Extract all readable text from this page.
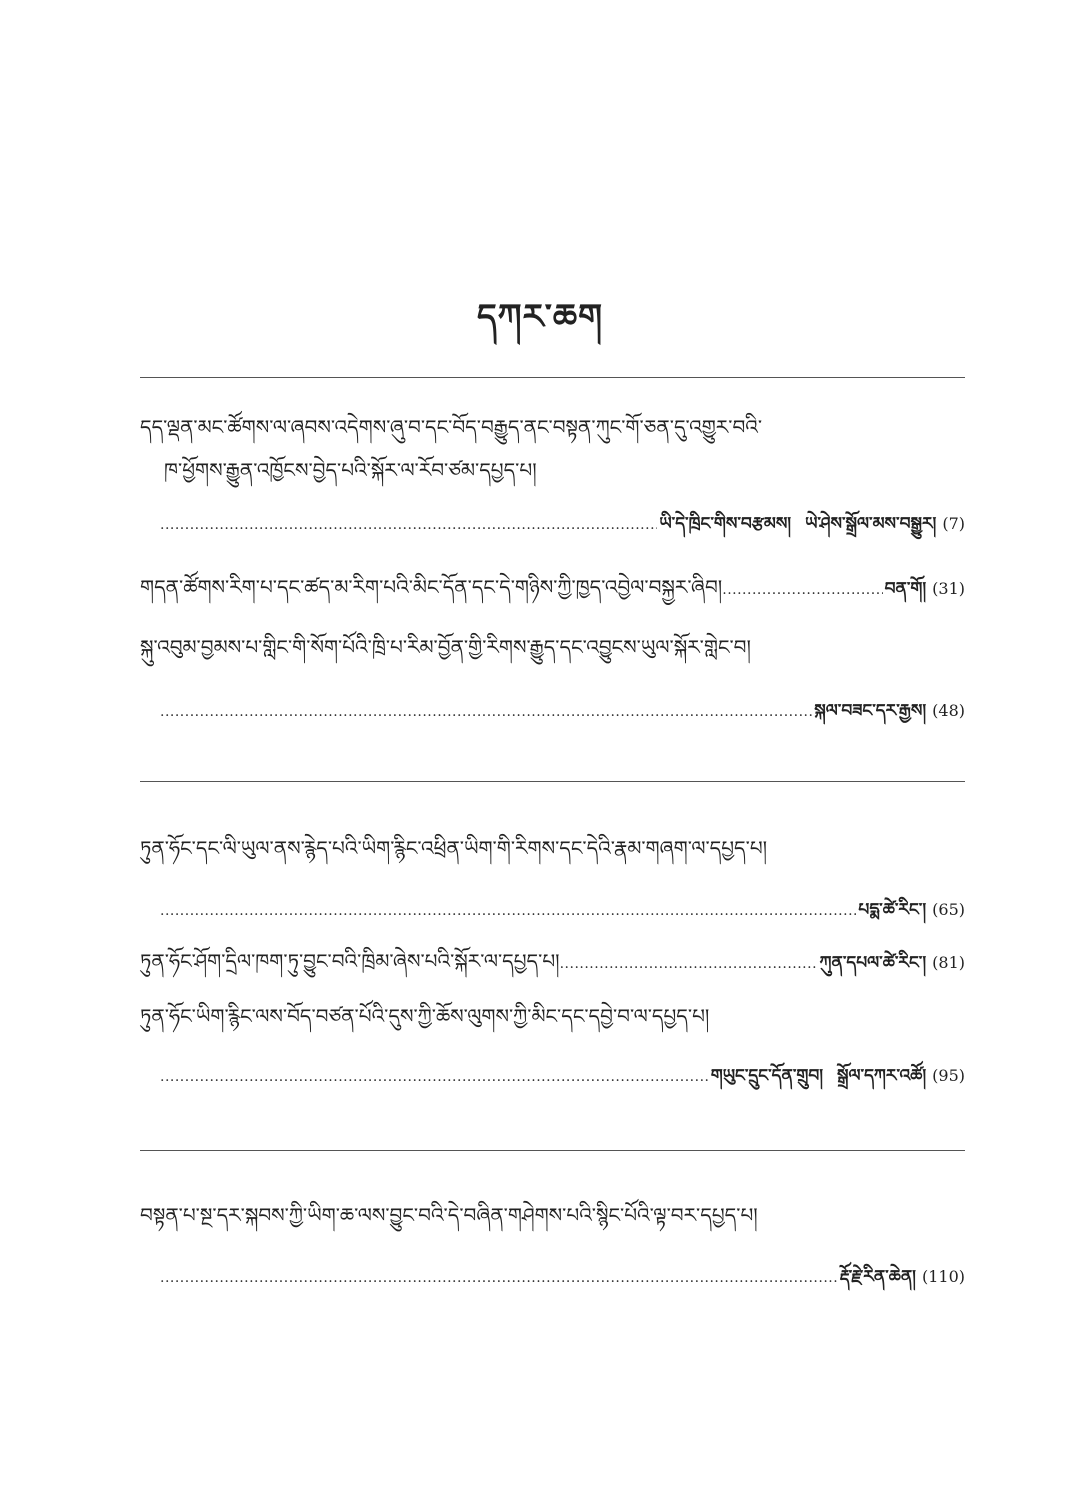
དཀར་ཆག
དད་ལྡན་མང་ཚོགས་ལ་ཞབས་འདེགས་ཞུ་བ་དང་བོད་བརྒྱུད་ནང་བསྟན་ཀུང་གོ་ཅན་དུ་འགྱུར་བའི་
ཁ་ཕྱོགས་རྒྱུན་འཁྱོངས་བྱེད་པའི་སྐོར་ལ་རོབ་ཙམ་དཔྱད་པ།
.....
ཡི་དེ་ཁྲིང་གིས་བརྩམས། ཡེ་ཤེས་སྒྲོལ་མས་བསྒྱུར། (7)
གདན་ཚོགས་རིག་པ་དང་ཚད་མ་རིག་པའི་མིང་དོན་དང་དེ་གཉིས་ཀྱི་ཁྱད་འབྱེལ་བསྐྱར་ཞིབ། .....	བན་གོ། (31)
སྐུ་འབུམ་བྱམས་པ་གླིང་གི་སོག་པོའི་ཁྲི་པ་རིམ་བྱོན་གྱི་རིགས་རྒྱུད་དང་འབྱུངས་ཡུལ་སྐོར་གླེང་བ།
.....
སྐལ་བཟང་དར་རྒྱས། (48)
ཏུན་ཧོང་དང་ལི་ཡུལ་ནས་རྙེད་པའི་ཡིག་རྙིང་འཕྲིན་ཡིག་གི་རིགས་དང་དེའི་རྣམ་གཞག་ལ་དཔྱད་པ།
.....
པདྨ་ཚེ་རིང་། (65)
ཏུན་ཧོང་ཤོག་དྲིལ་ཁག་ཏུ་བྱུང་བའི་ཁྲིམ་ཞེས་པའི་སྐོར་ལ་དཔྱད་པ། .....	ཀུན་དཔལ་ཚེ་རིང་། (81)
ཏུན་ཧོང་ཡིག་རྙིང་ལས་བོད་བཙན་པོའི་དུས་ཀྱི་ཆོས་ལུགས་ཀྱི་མིང་དང་དབྱེ་བ་ལ་དཔྱད་པ།
.....
གཡུང་དྲུང་དོན་གྲུབ། སྒྲོལ་དཀར་འཚོ། (95)
བསྟན་པ་སྔ་དར་སྐབས་ཀྱི་ཡིག་ཆ་ལས་བྱུང་བའི་དེ་བཞིན་གཤེགས་པའི་སྙིང་པོའི་ལྟ་བར་དཔྱད་པ།
.....
རྡོ་རྗེ་རིན་ཆེན། (110)
